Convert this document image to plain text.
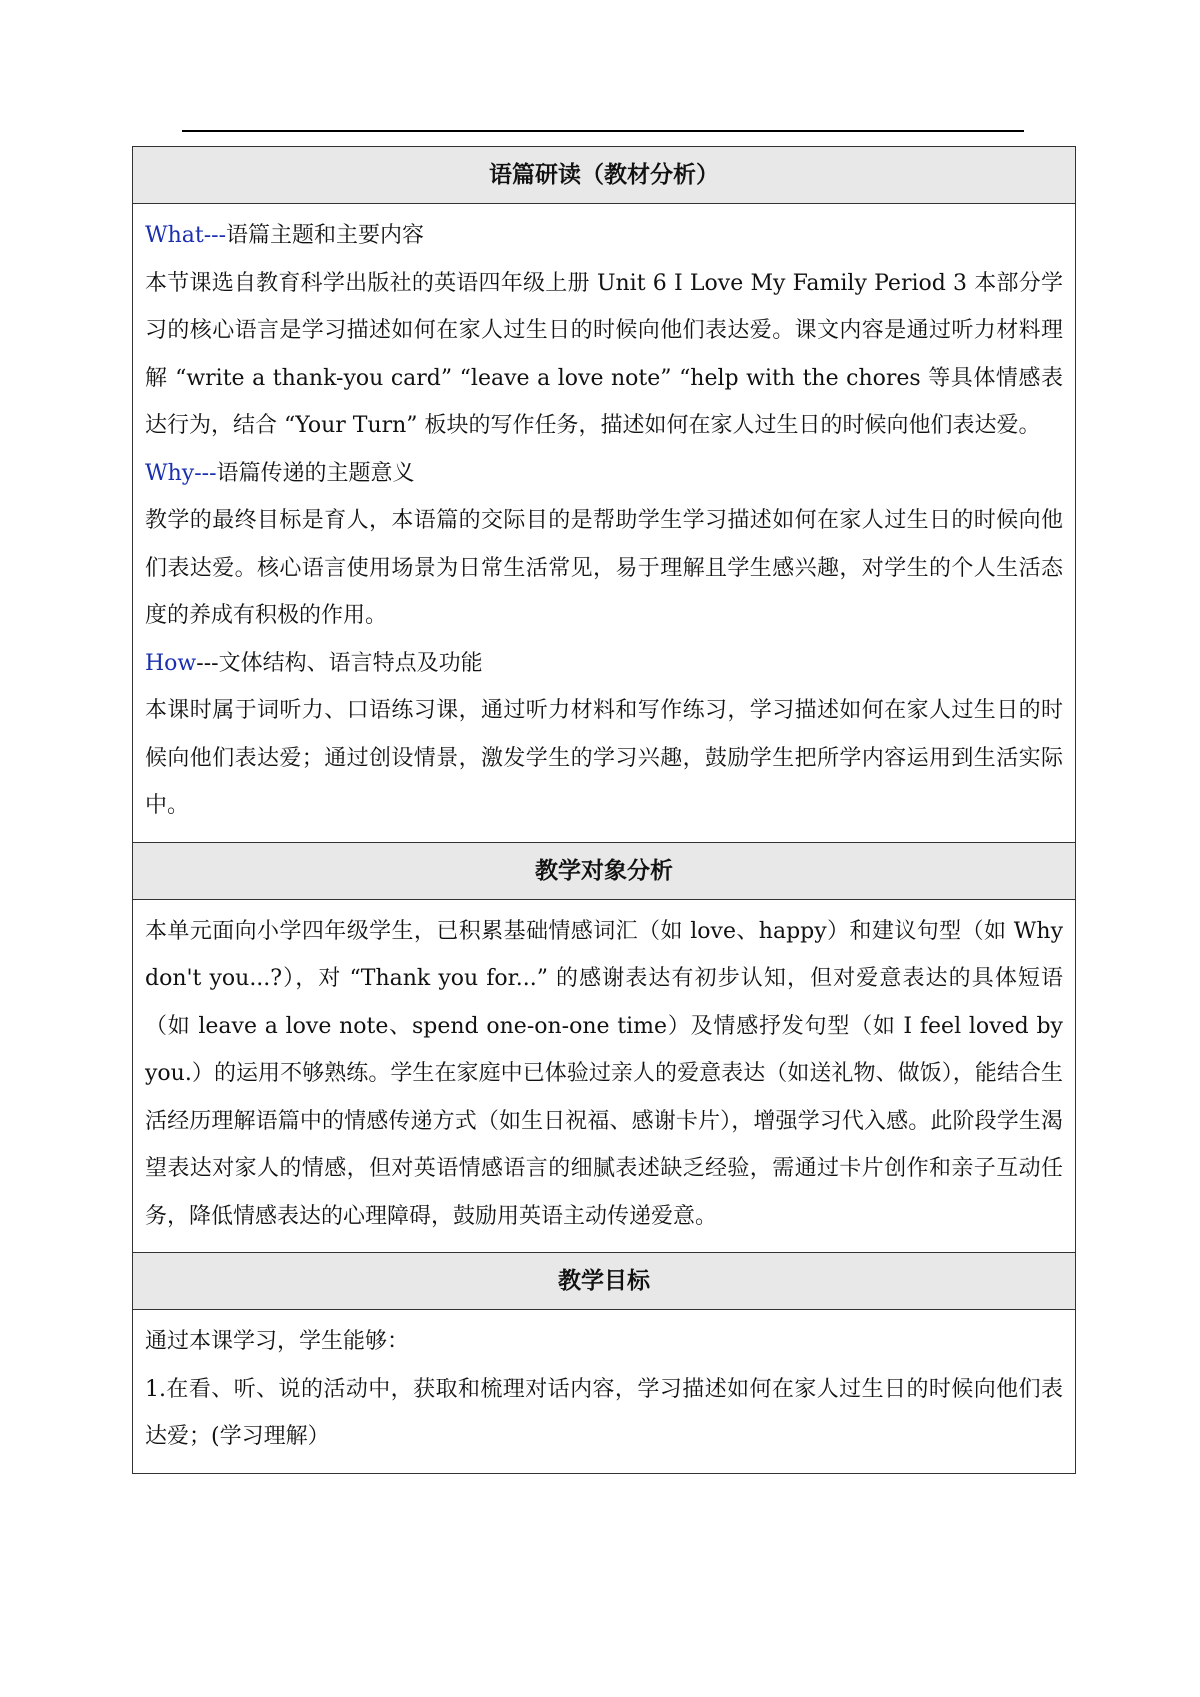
语篇研读（教材分析）

What---语篇主题和主要内容

本节课选自教育科学出版社的英语四年级上册 Unit 6 I Love My Family Period 3 本部分学习的核心语言是学习描述如何在家人过生日的时候向他们表达爱。课文内容是通过听力材料理解 “write a thank-you card” “leave a love note” “help with the chores 等具体情感表达行为，结合 “Your Turn” 板块的写作任务，描述如何在家人过生日的时候向他们表达爱。

Why---语篇传递的主题意义

教学的最终目标是育人，本语篇的交际目的是帮助学生学习描述如何在家人过生日的时候向他们表达爱。核心语言使用场景为日常生活常见，易于理解且学生感兴趣，对学生的个人生活态度的养成有积极的作用。

How---文体结构、语言特点及功能

本课时属于词听力、口语练习课，通过听力材料和写作练习，学习描述如何在家人过生日的时候向他们表达爱；通过创设情景，激发学生的学习兴趣，鼓励学生把所学内容运用到生活实际中。

教学对象分析

本单元面向小学四年级学生，已积累基础情感词汇（如 love、happy）和建议句型（如 Why don't you...?），对 “Thank you for...” 的感谢表达有初步认知，但对爱意表达的具体短语（如 leave a love note、spend one-on-one time）及情感抒发句型（如 I feel loved by you.）的运用不够熟练。学生在家庭中已体验过亲人的爱意表达（如送礼物、做饭），能结合生活经历理解语篇中的情感传递方式（如生日祝福、感谢卡片），增强学习代入感。此阶段学生渴望表达对家人的情感，但对英语情感语言的细腻表述缺乏经验，需通过卡片创作和亲子互动任务，降低情感表达的心理障碍，鼓励用英语主动传递爱意。

教学目标

通过本课学习，学生能够：

1.在看、听、说的活动中，获取和梳理对话内容，学习描述如何在家人过生日的时候向他们表达爱；(学习理解）
